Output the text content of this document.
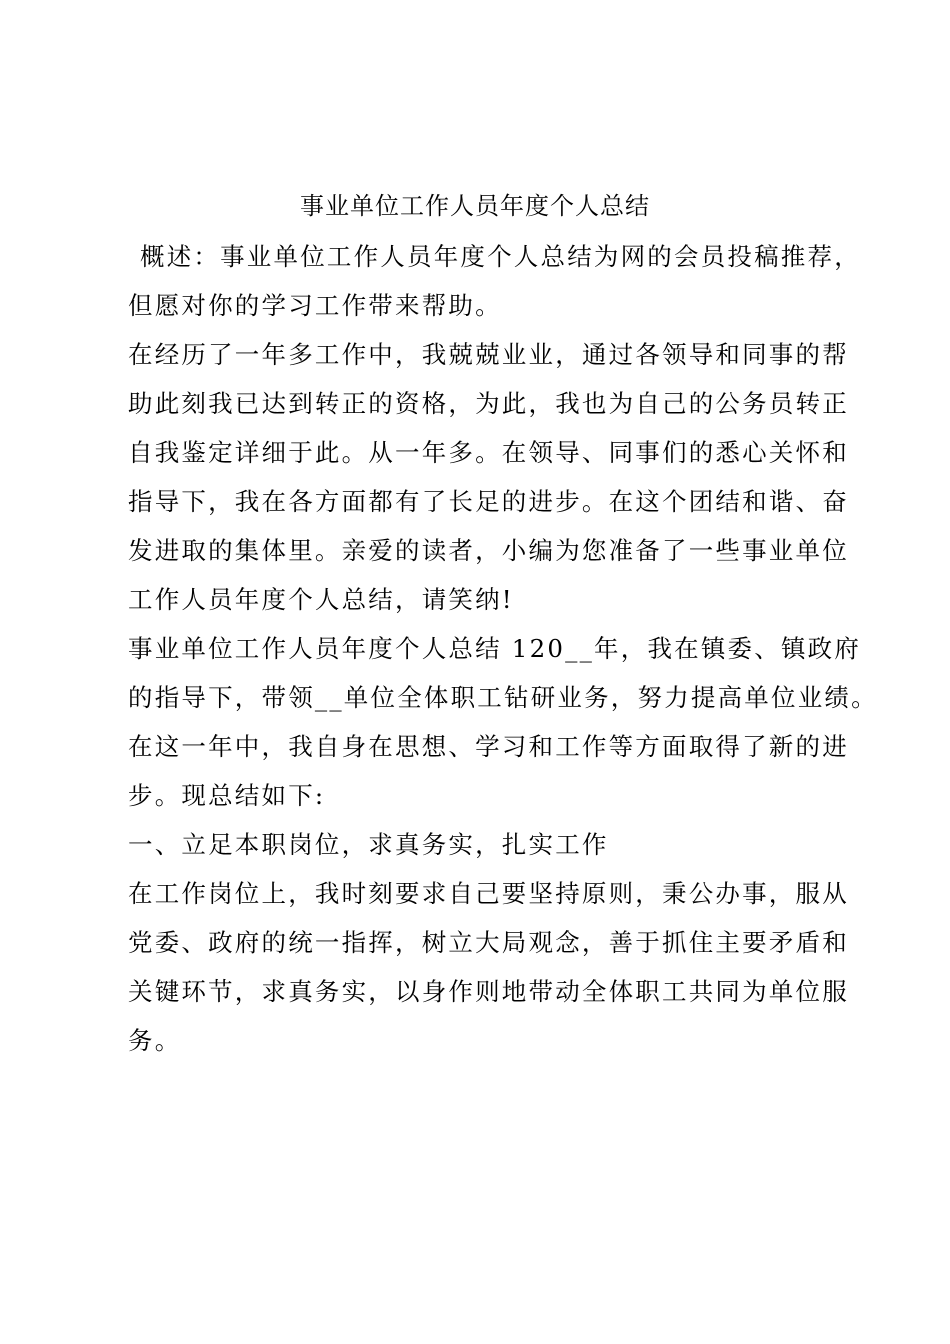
事业单位工作人员年度个人总结
概述：事业单位工作人员年度个人总结为网的会员投稿推荐，
但愿对你的学习工作带来帮助。
在经历了一年多工作中，我兢兢业业，通过各领导和同事的帮
助此刻我已达到转正的资格，为此，我也为自己的公务员转正
自我鉴定详细于此。从一年多。在领导、同事们的悉心关怀和
指导下，我在各方面都有了长足的进步。在这个团结和谐、奋
发进取的集体里。亲爱的读者，小编为您准备了一些事业单位
工作人员年度个人总结，请笑纳!
事业单位工作人员年度个人总结 120__年，我在镇委、镇政府
的指导下，带领__单位全体职工钻研业务，努力提高单位业绩。
在这一年中，我自身在思想、学习和工作等方面取得了新的进
步。现总结如下:
一、立足本职岗位，求真务实，扎实工作
在工作岗位上，我时刻要求自己要坚持原则，秉公办事，服从
党委、政府的统一指挥，树立大局观念，善于抓住主要矛盾和
关键环节，求真务实，以身作则地带动全体职工共同为单位服
务。
